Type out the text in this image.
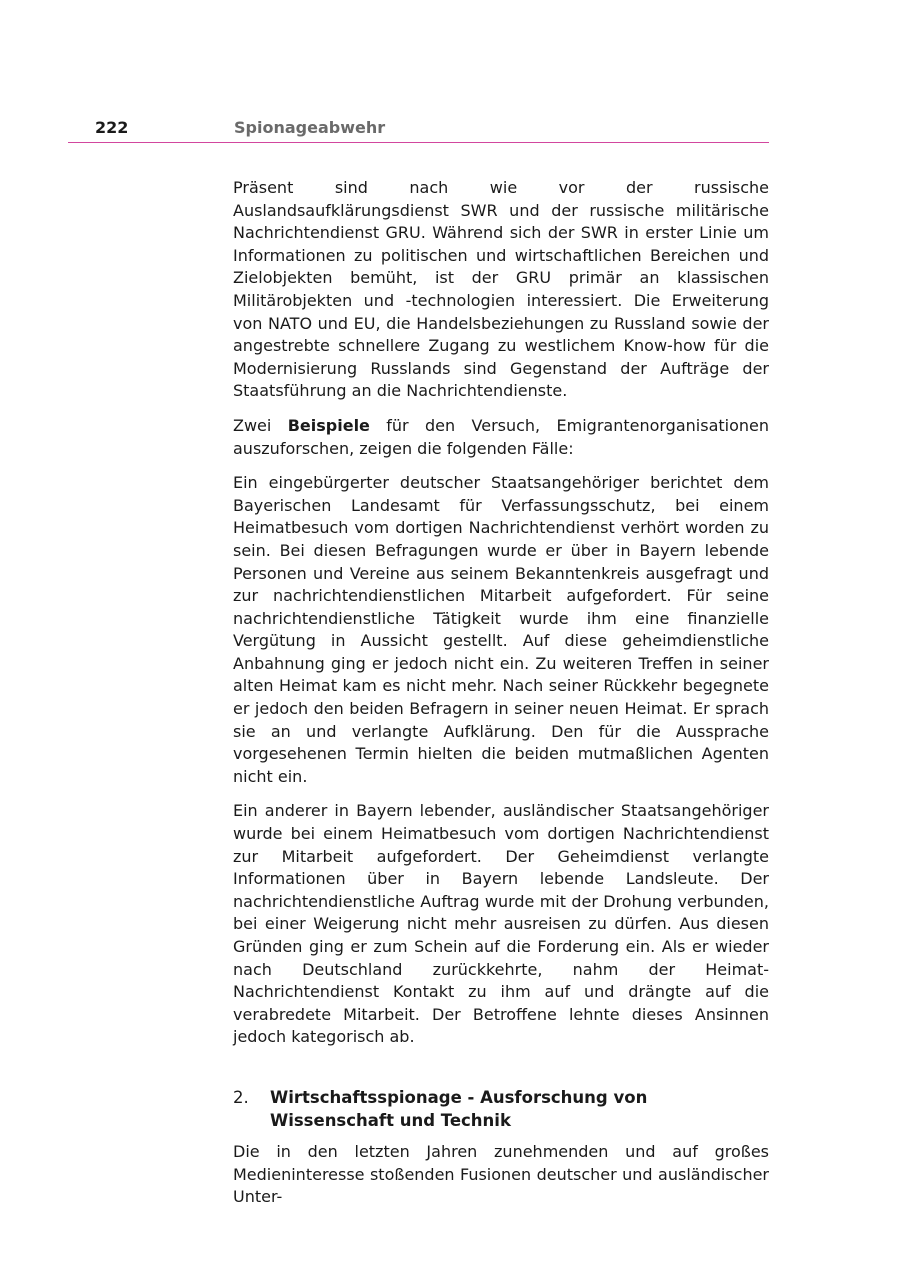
222	Spionageabwehr

Präsent sind nach wie vor der russische Auslandsaufklärungsdienst SWR und der russische militärische Nachrichtendienst GRU. Während sich der SWR in erster Linie um Informationen zu politischen und wirtschaftlichen Bereichen und Zielobjekten bemüht, ist der GRU primär an klassischen Militärobjekten und -technologien interessiert. Die Erweiterung von NATO und EU, die Handelsbeziehungen zu Russland sowie der angestrebte schnellere Zugang zu westlichem Know-how für die Modernisierung Russlands sind Gegenstand der Aufträge der Staatsführung an die Nachrichtendienste.

Zwei Beispiele für den Versuch, Emigrantenorganisationen auszuforschen, zeigen die folgenden Fälle:

Ein eingebürgerter deutscher Staatsangehöriger berichtet dem Bayerischen Landesamt für Verfassungsschutz, bei einem Heimatbesuch vom dortigen Nachrichtendienst verhört worden zu sein. Bei diesen Befragungen wurde er über in Bayern lebende Personen und Vereine aus seinem Bekanntenkreis ausgefragt und zur nachrichtendienstlichen Mitarbeit aufgefordert. Für seine nachrichtendienstliche Tätigkeit wurde ihm eine finanzielle Vergütung in Aussicht gestellt. Auf diese geheimdienstliche Anbahnung ging er jedoch nicht ein. Zu weiteren Treffen in seiner alten Heimat kam es nicht mehr. Nach seiner Rückkehr begegnete er jedoch den beiden Befragern in seiner neuen Heimat. Er sprach sie an und verlangte Aufklärung. Den für die Aussprache vorgesehenen Termin hielten die beiden mutmaßlichen Agenten nicht ein.

Ein anderer in Bayern lebender, ausländischer Staatsangehöriger wurde bei einem Heimatbesuch vom dortigen Nachrichtendienst zur Mitarbeit aufgefordert. Der Geheimdienst verlangte Informationen über in Bayern lebende Landsleute. Der nachrichtendienstliche Auftrag wurde mit der Drohung verbunden, bei einer Weigerung nicht mehr ausreisen zu dürfen. Aus diesen Gründen ging er zum Schein auf die Forderung ein. Als er wieder nach Deutschland zurückkehrte, nahm der Heimat-Nachrichtendienst Kontakt zu ihm auf und drängte auf die verabredete Mitarbeit. Der Betroffene lehnte dieses Ansinnen jedoch kategorisch ab.

2.	Wirtschaftsspionage - Ausforschung von Wissenschaft und Technik

Die in den letzten Jahren zunehmenden und auf großes Medieninteresse stoßenden Fusionen deutscher und ausländischer Unter-
